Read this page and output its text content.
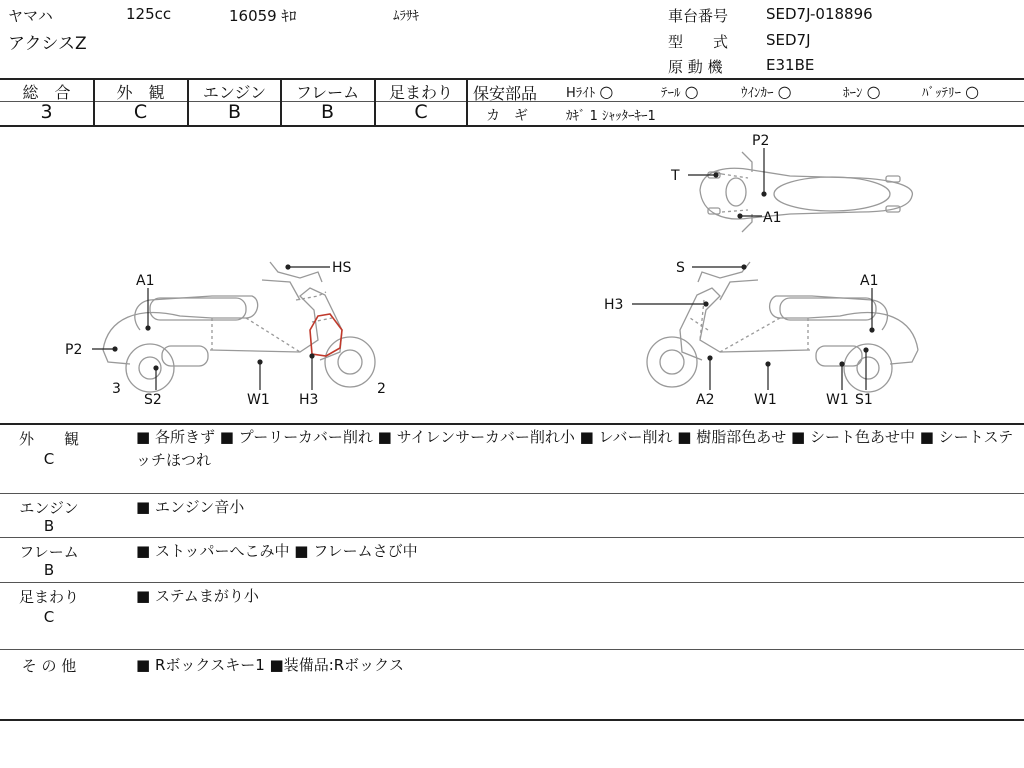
ヤマハ	125cc	16059 ｷﾛ	ﾑﾗｻｷ
アクシスZ
車台番号	SED7J-018896
型　　式	SED7J
原 動 機	E31BE
総　合	外　観	エンジン	フレーム	足まわり
3	C	B	B	C
保安部品 Hﾗｲﾄ ○	ﾃｰﾙ ○	ｳｲﾝｶｰ ○	ﾎｰﾝ ○	ﾊﾞｯﾃﾘｰ ○
カ　ギ	ｶｷﾞ 1 ｼｬｯﾀｰｷｰ1
HS
A1
P2
3
S2	W1 H3
2
P2
T
A1
S
H3
A1
A2	W1	W1 S1
外　　観
C
■ 各所きず ■ プーリーカバー削れ ■ サイレンサーカバー削れ小 ■ レバー削れ ■ 樹脂部色あせ ■ シート色あせ中 ■ シートステッチほつれ
エンジン
B
■ エンジン音小
フレーム
B
■ ストッパーへこみ中 ■ フレームさび中
足まわり
C
■ ステムまがり小
そ の 他	■ Rボックスキー1 ■装備品:Rボックス
